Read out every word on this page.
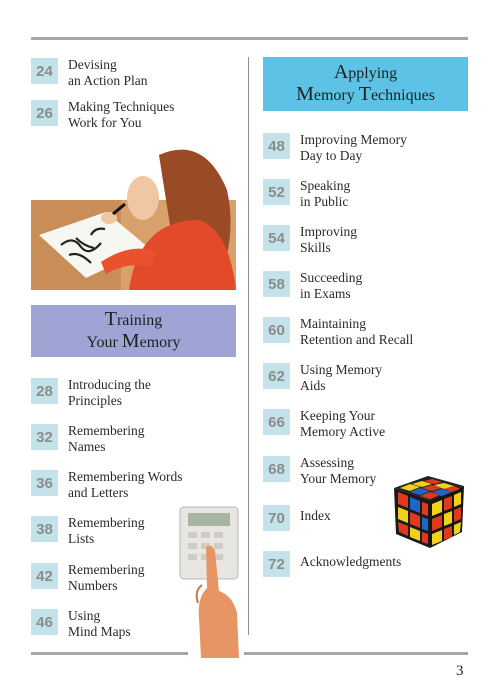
24	Devising
an Action Plan
26	Making Techniques
Work for You
Training
Your Memory
28	Introducing the
Principles
32	Remembering
Names
36	Remembering Words
and Letters
38	Remembering
Lists
42	Remembering
Numbers
46	Using
Mind Maps
Applying
Memory Techniques
48	Improving Memory
Day to Day
52	Speaking
in Public
54	Improving
Skills
58	Succeeding
in Exams
60	Maintaining
Retention and Recall
62	Using Memory
Aids
66	Keeping Your
Memory Active
68	Assessing
Your Memory
70	Index
72	Acknowledgments
3
